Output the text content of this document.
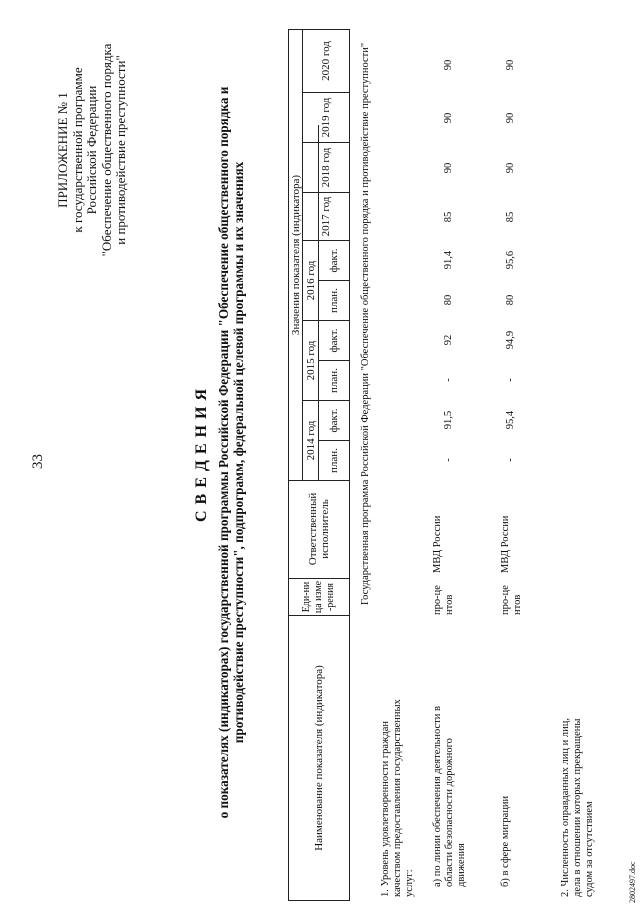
33
ПРИЛОЖЕНИЕ № 1 к государственной программе Российской Федерации "Обеспечение общественного порядка и противодействие преступности"
СВЕДЕНИЯ о показателях (индикаторах) государственной программы Российской Федерации "Обеспечение общественного порядка и противодействие преступности", подпрограмм, федеральной целевой программы и их значениях
Наименование показателя (индикатора)
Еди-ница изме-рения
Ответственный исполнитель
Значения показателя (индикатора)
2014 год
2015 год
2016 год
2017 год
2018 год
2019 год
2020 год
план.
факт.
план.
факт.
план.
факт.	Государственная программа Российской Федерации "Обеспечение общественного порядка и противодействие преступности"
1. Уровень удовлетворенности граждан качеством предоставления государственных услуг: а) по линии обеспечения деятельности в области безопасности дорожного движения
про-центов
МВД России
-
91,5
-
92
80
91,4
85
90
90
90
б) в сфере миграции
про-центов
МВД России
-
95,4
-
94,9
80
95,6
85
90
90
90
2. Численность оправданных лиц и лиц, дела в отношении которых прекращены судом за отсутствием	2802497.doc
